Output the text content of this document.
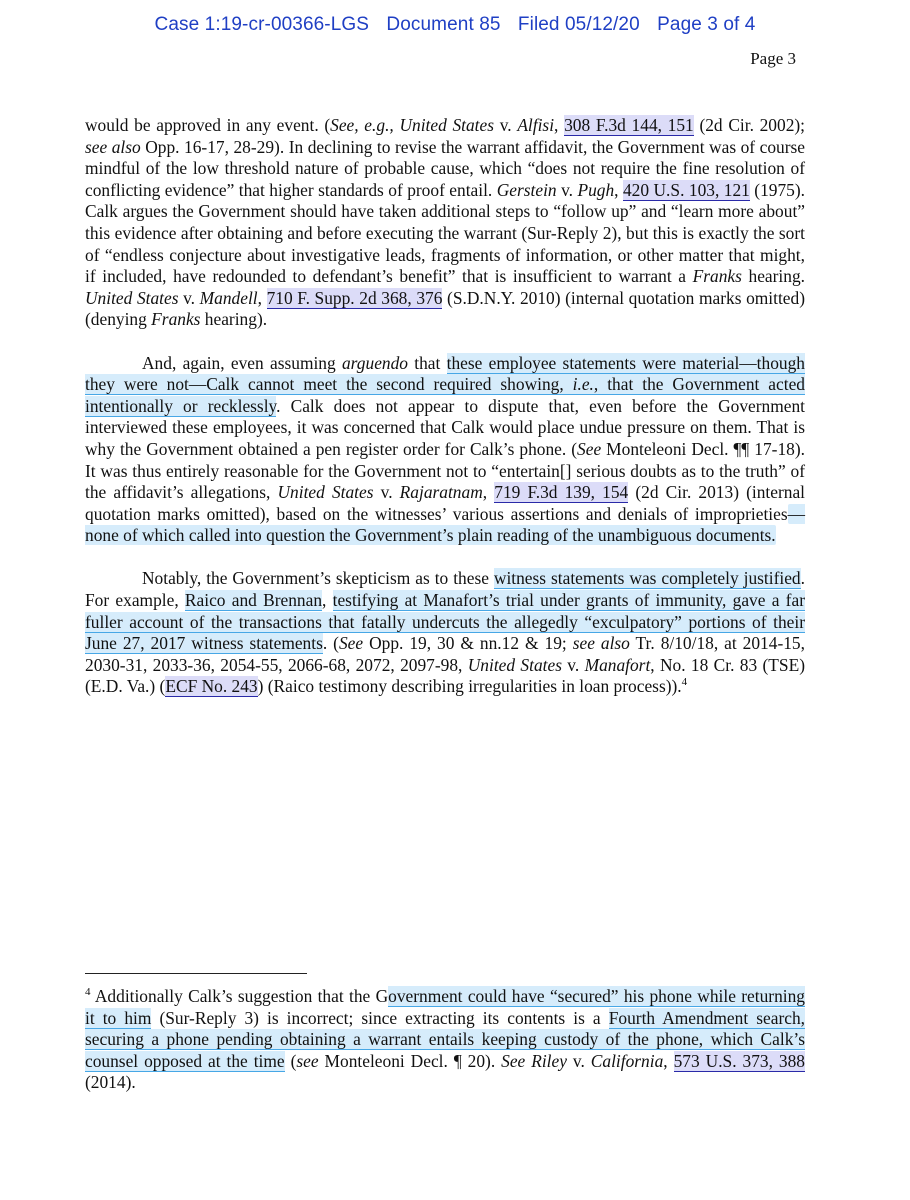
Case 1:19-cr-00366-LGS Document 85 Filed 05/12/20 Page 3 of 4
Page 3

would be approved in any event. (See, e.g., United States v. Alfisi, 308 F.3d 144, 151 (2d Cir. 2002); see also Opp. 16-17, 28-29). In declining to revise the warrant affidavit, the Government was of course mindful of the low threshold nature of probable cause, which “does not require the fine resolution of conflicting evidence” that higher standards of proof entail. Gerstein v. Pugh, 420 U.S. 103, 121 (1975). Calk argues the Government should have taken additional steps to “follow up” and “learn more about” this evidence after obtaining and before executing the warrant (Sur-Reply 2), but this is exactly the sort of “endless conjecture about investigative leads, fragments of information, or other matter that might, if included, have redounded to defendant’s benefit” that is insufficient to warrant a Franks hearing. United States v. Mandell, 710 F. Supp. 2d 368, 376 (S.D.N.Y. 2010) (internal quotation marks omitted) (denying Franks hearing).

And, again, even assuming arguendo that these employee statements were material—though they were not—Calk cannot meet the second required showing, i.e., that the Government acted intentionally or recklessly. Calk does not appear to dispute that, even before the Government interviewed these employees, it was concerned that Calk would place undue pressure on them. That is why the Government obtained a pen register order for Calk’s phone. (See Monteleoni Decl. ¶¶ 17-18). It was thus entirely reasonable for the Government not to “entertain[] serious doubts as to the truth” of the affidavit’s allegations, United States v. Rajaratnam, 719 F.3d 139, 154 (2d Cir. 2013) (internal quotation marks omitted), based on the witnesses’ various assertions and denials of improprieties—none of which called into question the Government’s plain reading of the unambiguous documents.

Notably, the Government’s skepticism as to these witness statements was completely justified. For example, Raico and Brennan, testifying at Manafort’s trial under grants of immunity, gave a far fuller account of the transactions that fatally undercuts the allegedly “exculpatory” portions of their June 27, 2017 witness statements. (See Opp. 19, 30 & nn.12 & 19; see also Tr. 8/10/18, at 2014-15, 2030-31, 2033-36, 2054-55, 2066-68, 2072, 2097-98, United States v. Manafort, No. 18 Cr. 83 (TSE) (E.D. Va.) (ECF No. 243) (Raico testimony describing irregularities in loan process)).$^4$

$^4$ Additionally Calk’s suggestion that the Government could have “secured” his phone while returning it to him (Sur-Reply 3) is incorrect; since extracting its contents is a Fourth Amendment search, securing a phone pending obtaining a warrant entails keeping custody of the phone, which Calk’s counsel opposed at the time (see Monteleoni Decl. ¶ 20). See Riley v. California, 573 U.S. 373, 388 (2014).
